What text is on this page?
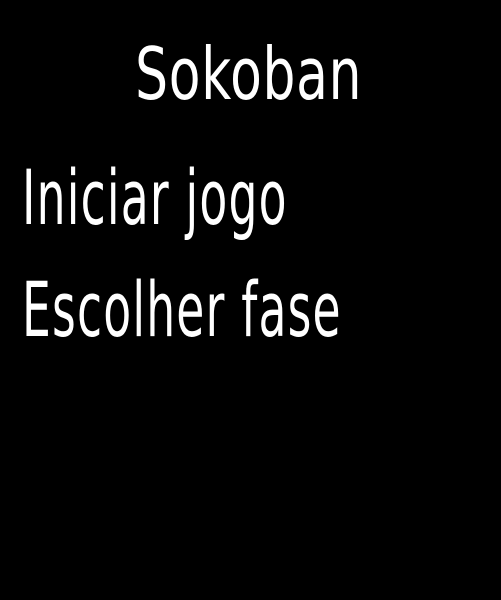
Sokoban
Iniciar jogo
Escolher fase
